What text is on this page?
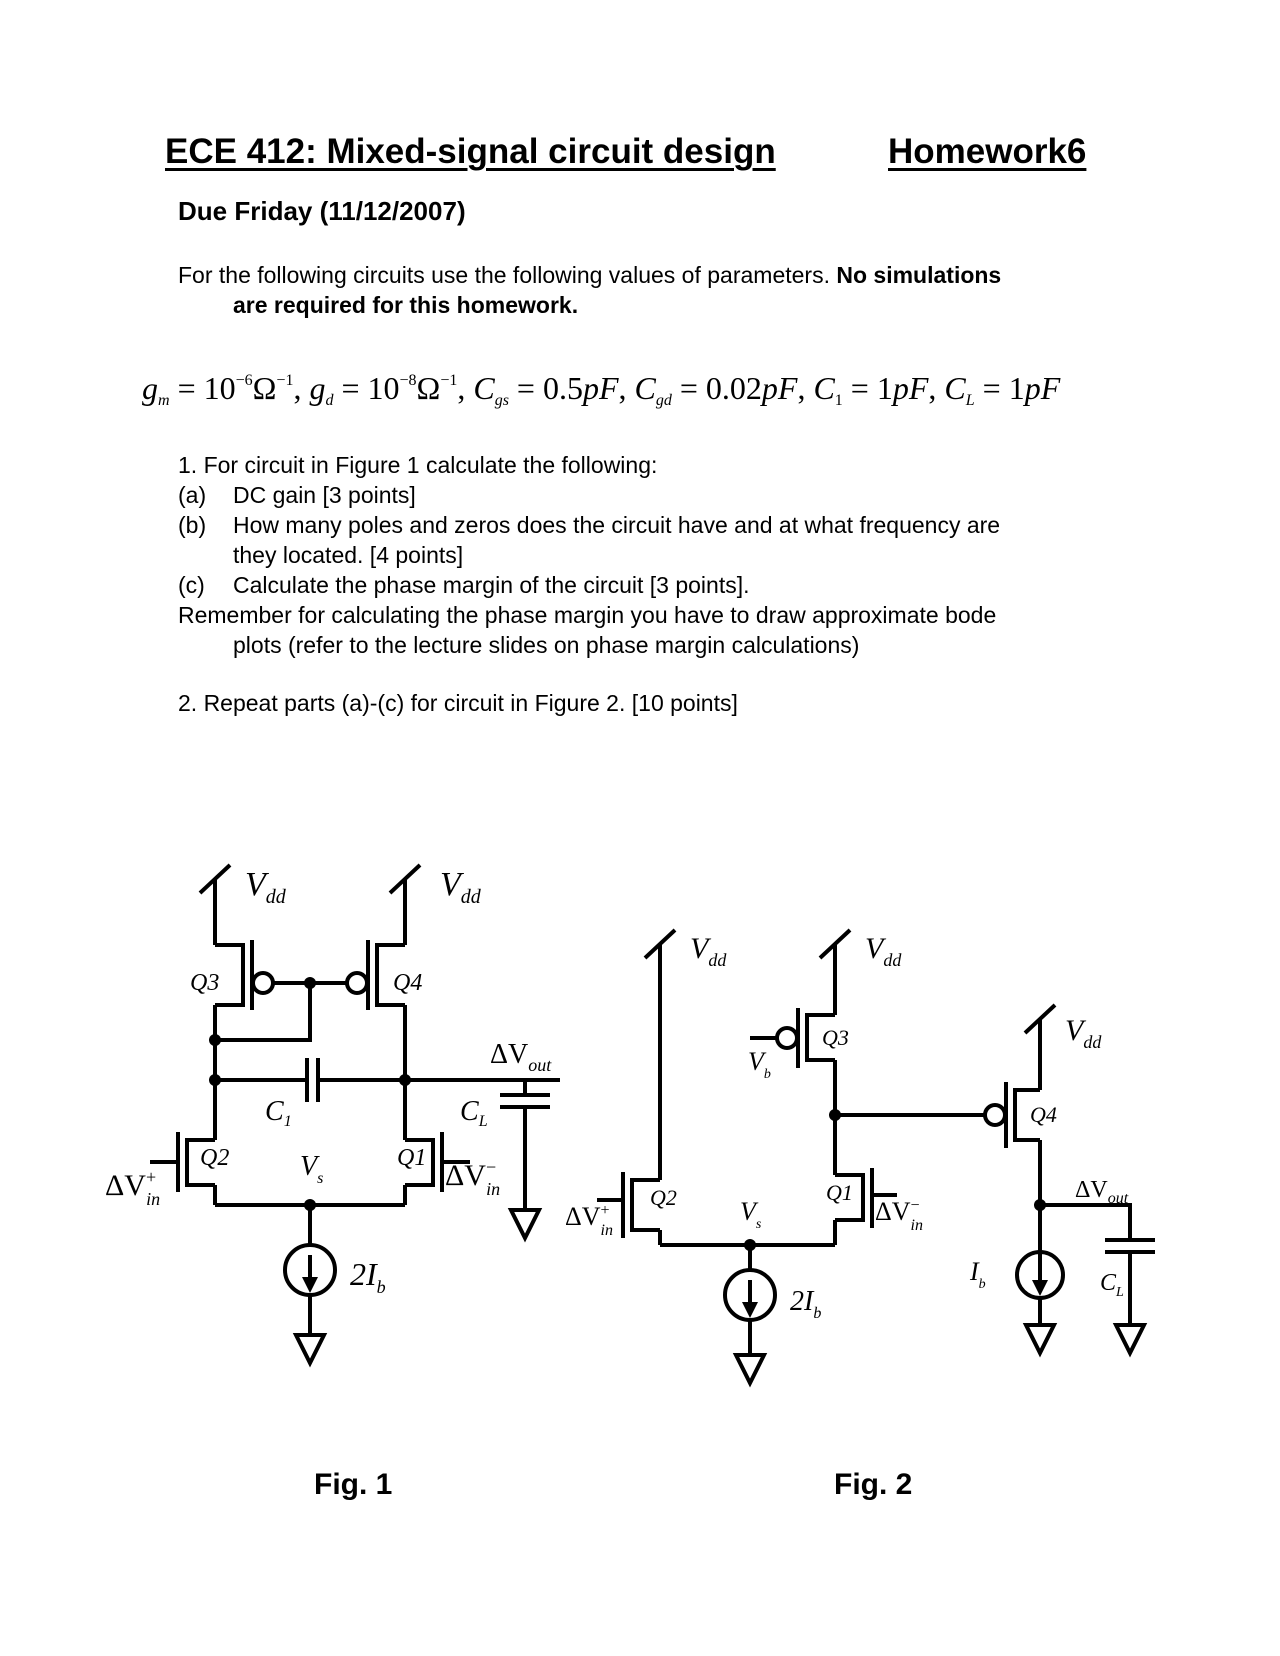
ECE 412: Mixed-signal circuit design	Homework6
Due Friday (11/12/2007)
For the following circuits use the following values of parameters. No simulations
are required for this homework.
$g_m = 10^{-6}\Omega^{-1}$, $g_d = 10^{-8}\Omega^{-1}$, $C_{gs} = 0.5pF$, $C_{gd} = 0.02pF$, $C_1 = 1pF$, $C_L = 1pF$
1. For circuit in Figure 1 calculate the following:
(a) DC gain [3 points]
(b) How many poles and zeros does the circuit have and at what frequency are
they located. [4 points]
(c) Calculate the phase margin of the circuit [3 points].
Remember for calculating the phase margin you have to draw approximate bode
plots (refer to the lecture slides on phase margin calculations)
2. Repeat parts (a)-(c) for circuit in Figure 2. [10 points]
$V_{dd}$	$V_{dd}$
Q3	Q4
$C_1$	$C_L$
$\Delta V_{out}$
Q2	Q1
$V_s$
ΔV+ in
ΔV− in
$2I_b$
$V_{dd}$	$V_{dd}$
$V_{dd}$
Q3
$V_b$
Q4
Q2	Q1
$V_s$
ΔV+ in
ΔV− in
$\Delta V_{out}$
$2I_b$
$I_b$	$C_L$
Fig. 1	Fig. 2
